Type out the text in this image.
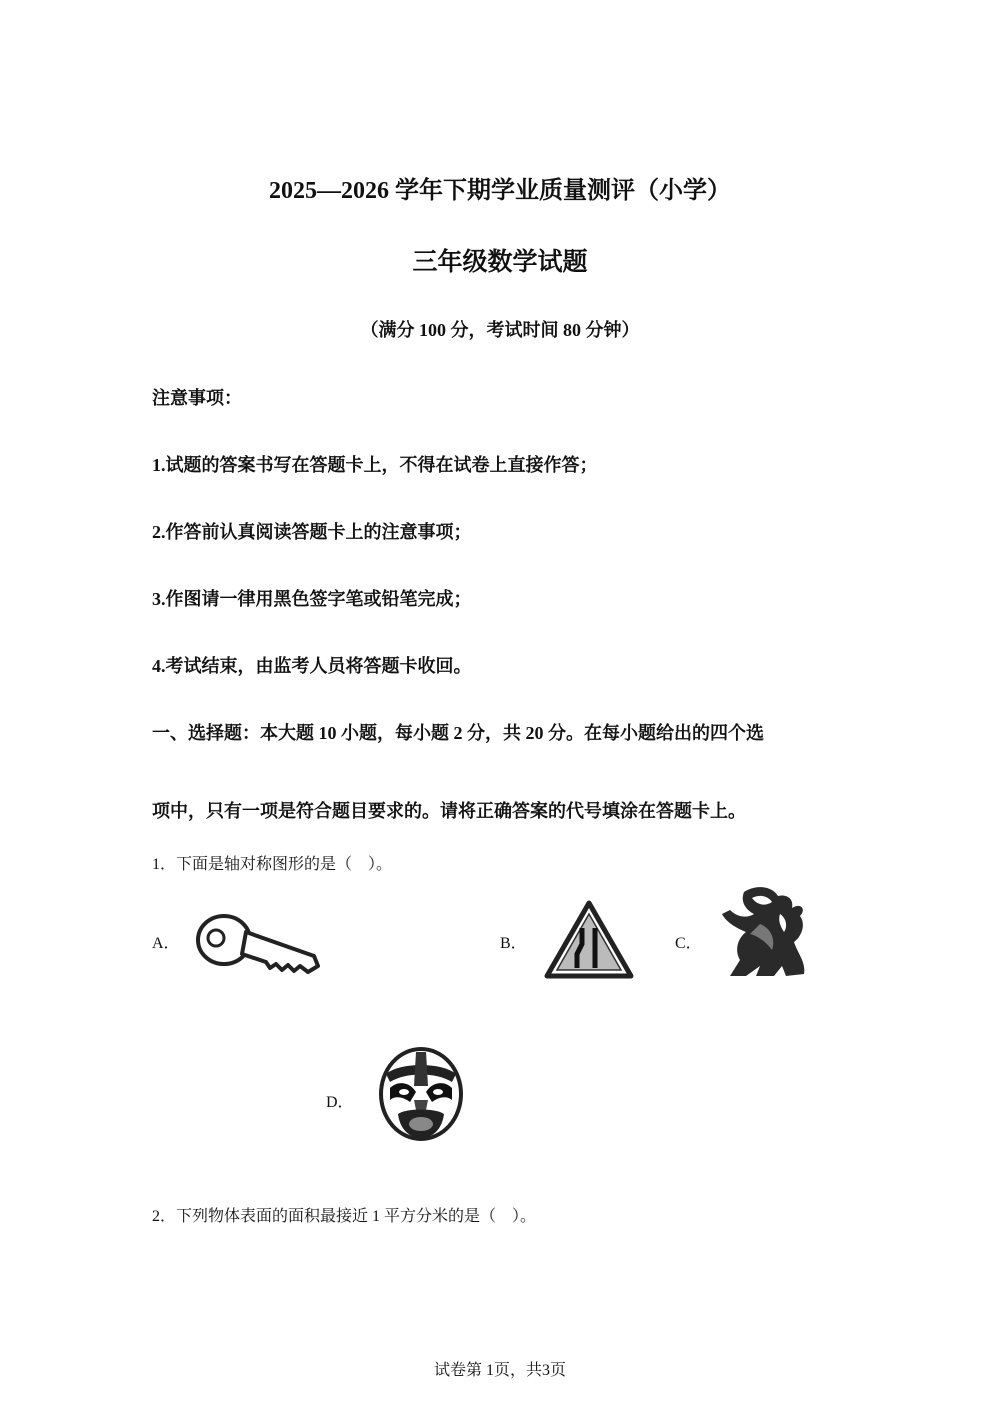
2025—2026 学年下期学业质量测评（小学）
三年级数学试题
（满分 100 分，考试时间 80 分钟）
注意事项：
1.试题的答案书写在答题卡上，不得在试卷上直接作答；
2.作答前认真阅读答题卡上的注意事项；
3.作图请一律用黑色签字笔或铅笔完成；
4.考试结束，由监考人员将答题卡收回。
一、选择题：本大题 10 小题，每小题 2 分，共 20 分。在每小题给出的四个选
项中，只有一项是符合题目要求的。请将正确答案的代号填涂在答题卡上。
1．下面是轴对称图形的是（　）。
A．	B．	C．
D．
2．下列物体表面的面积最接近 1 平方分米的是（　）。
试卷第 1页，共3页
